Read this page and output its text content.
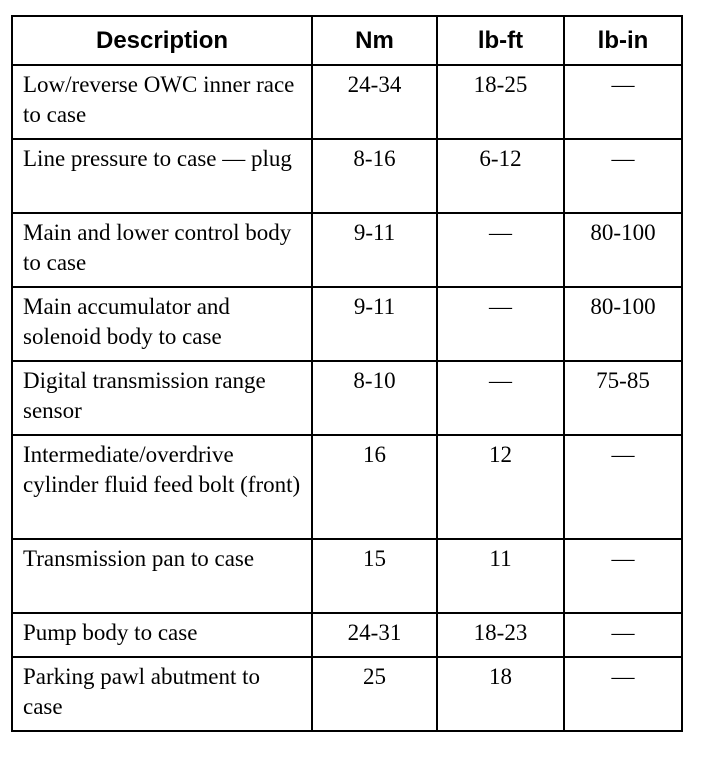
Description	Nm	lb-ft	lb-in
Low/reverse OWC inner race to case	24-34	18-25	—
Line pressure to case — plug	8-16	6-12	—
Main and lower control body to case	9-11	—	80-100
Main accumulator and solenoid body to case	9-11	—	80-100
Digital transmission range sensor	8-10	—	75-85
Intermediate/overdrive cylinder fluid feed bolt (front)	16	12	—
Transmission pan to case	15	11	—
Pump body to case	24-31	18-23	—
Parking pawl abutment to case	25	18	—
